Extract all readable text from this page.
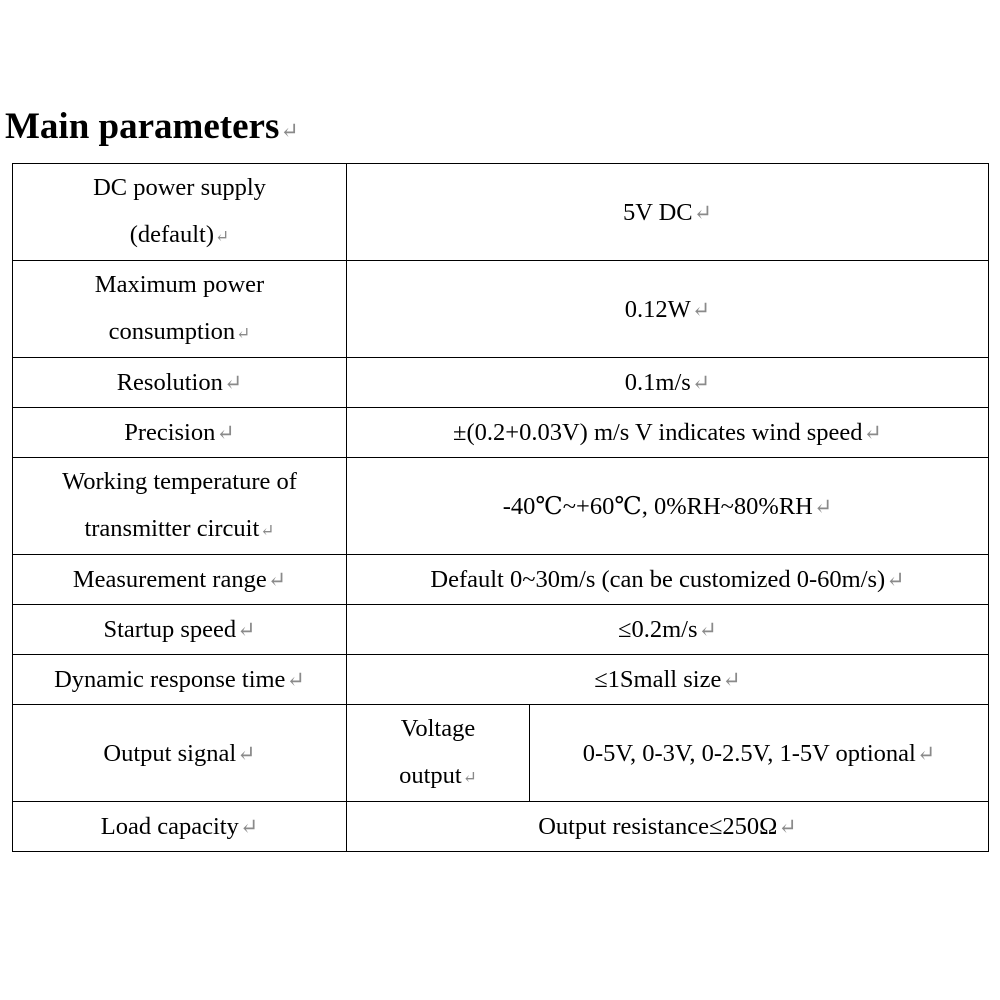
Main parameters↵
DC power supply
(default)↵	5V DC↵	
Maximum power
consumption↵	0.12W↵	
Resolution↵	0.1m/s↵	
Precision↵	±(0.2+0.03V) m/s V indicates wind speed↵	
Working temperature of
transmitter circuit↵	-40℃~+60℃, 0%RH~80%RH↵	
Measurement range↵	Default 0~30m/s (can be customized 0-60m/s)↵	
Startup speed↵	≤0.2m/s↵	
Dynamic response time↵	≤1Small size↵	
Output signal↵	Voltage
output↵	0-5V, 0-3V, 0-2.5V, 1-5V optional↵
Load capacity↵	Output resistance≤250Ω↵	
